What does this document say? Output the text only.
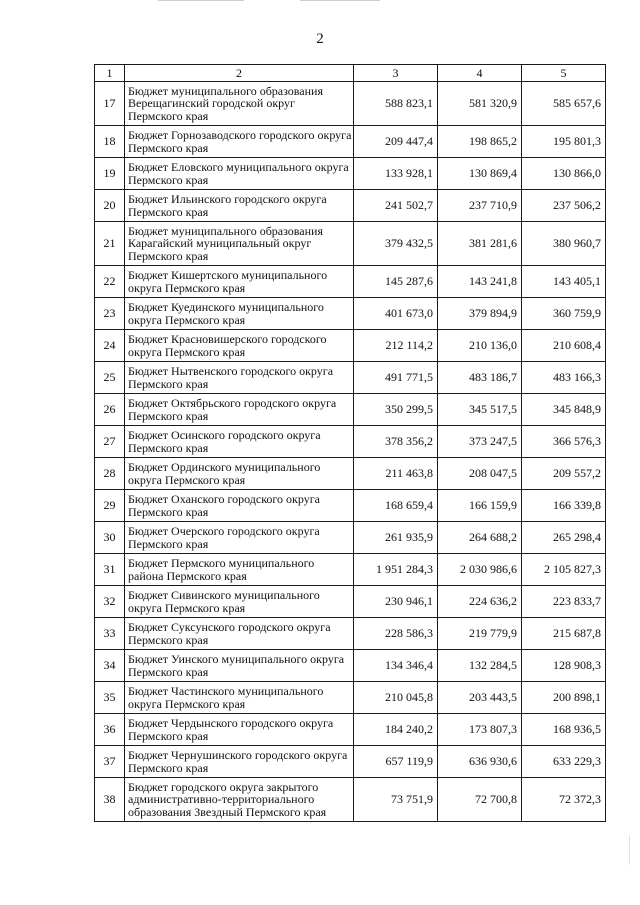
2
1	2	3	4	5
17	Бюджет муниципального образования Верещагинский городской округ Пермского края	588 823,1	581 320,9	585 657,6
18	Бюджет Горнозаводского городского округа Пермского края	209 447,4	198 865,2	195 801,3
19	Бюджет Еловского муниципального округа Пермского края	133 928,1	130 869,4	130 866,0
20	Бюджет Ильинского городского округа Пермского края	241 502,7	237 710,9	237 506,2
21	Бюджет муниципального образования Карагайский муниципальный округ Пермского края	379 432,5	381 281,6	380 960,7
22	Бюджет Кишертского муниципального округа Пермского края	145 287,6	143 241,8	143 405,1
23	Бюджет Куединского муниципального округа Пермского края	401 673,0	379 894,9	360 759,9
24	Бюджет Красновишерского городского округа Пермского края	212 114,2	210 136,0	210 608,4
25	Бюджет Нытвенского городского округа Пермского края	491 771,5	483 186,7	483 166,3
26	Бюджет Октябрьского городского округа Пермского края	350 299,5	345 517,5	345 848,9
27	Бюджет Осинского городского округа Пермского края	378 356,2	373 247,5	366 576,3
28	Бюджет Ординского муниципального округа Пермского края	211 463,8	208 047,5	209 557,2
29	Бюджет Оханского городского округа Пермского края	168 659,4	166 159,9	166 339,8
30	Бюджет Очерского городского округа Пермского края	261 935,9	264 688,2	265 298,4
31	Бюджет Пермского муниципального района Пермского края	1 951 284,3	2 030 986,6	2 105 827,3
32	Бюджет Сивинского муниципального округа Пермского края	230 946,1	224 636,2	223 833,7
33	Бюджет Суксунского городского округа Пермского края	228 586,3	219 779,9	215 687,8
34	Бюджет Уинского муниципального округа Пермского края	134 346,4	132 284,5	128 908,3
35	Бюджет Частинского муниципального округа Пермского края	210 045,8	203 443,5	200 898,1
36	Бюджет Чердынского городского округа Пермского края	184 240,2	173 807,3	168 936,5
37	Бюджет Чернушинского городского округа Пермского края	657 119,9	636 930,6	633 229,3
38	Бюджет городского округа закрытого административно-территориального образования Звездный Пермского края	73 751,9	72 700,8	72 372,3
